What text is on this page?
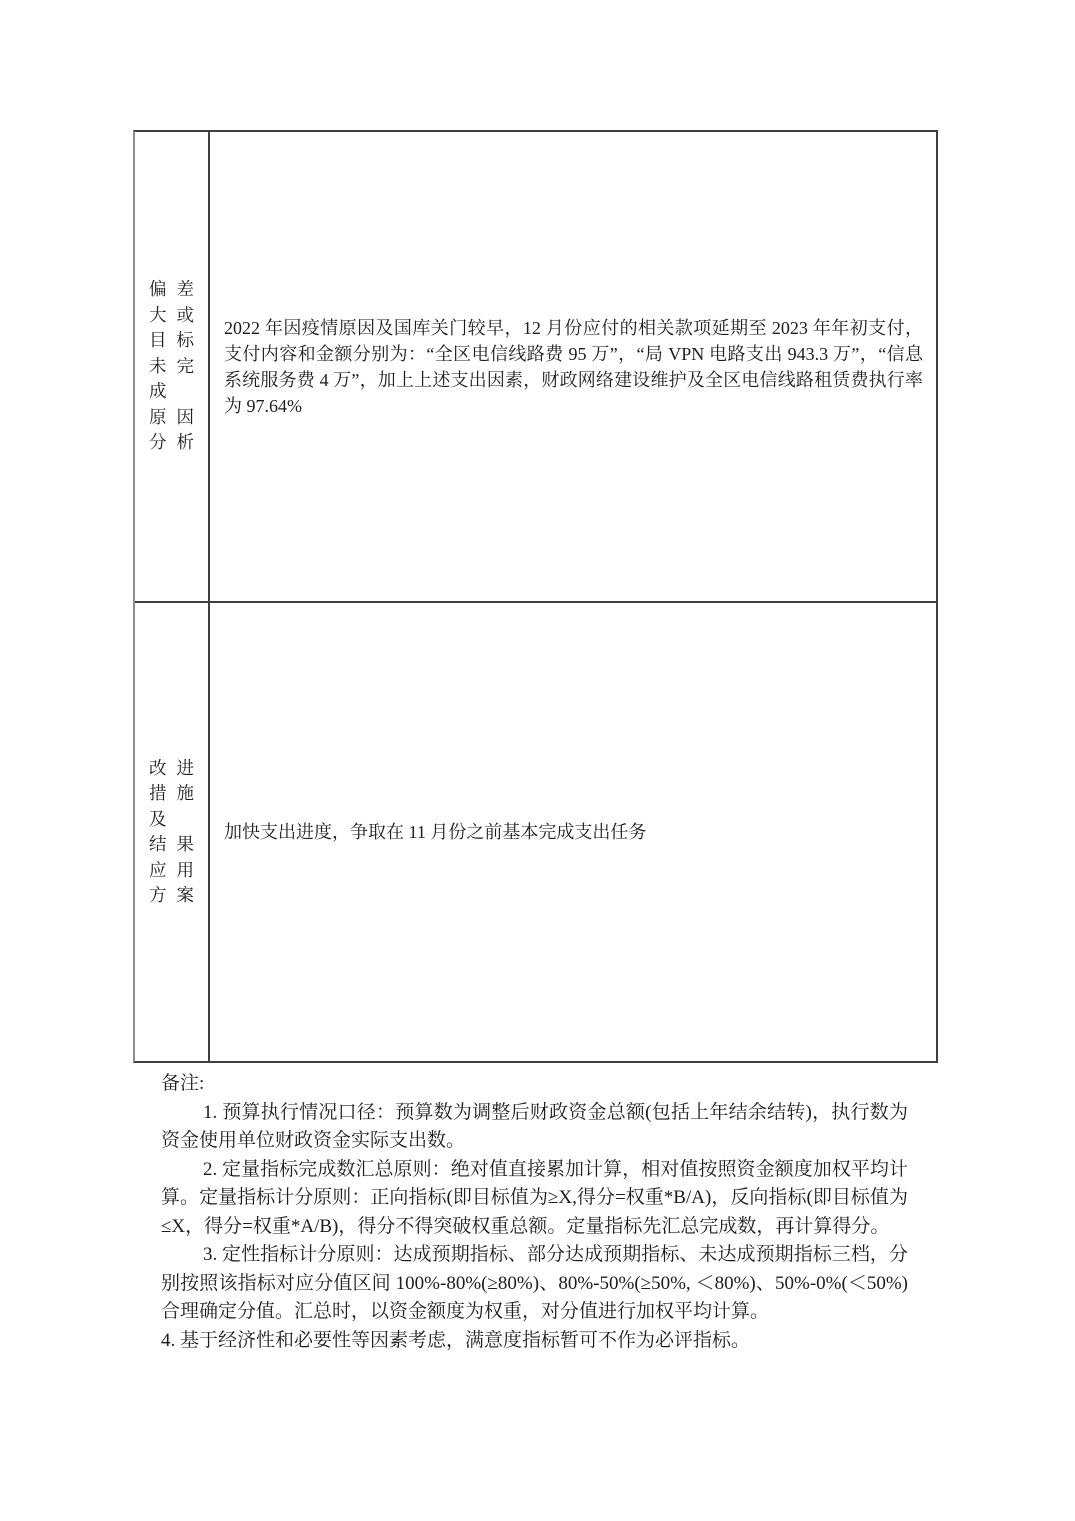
偏差
大或
目标
未完
成
原因
分析

2022 年因疫情原因及国库关门较早，12 月份应付的相关款项延期至 2023 年年初支付，支付内容和金额分别为：“全区电信线路费 95 万”，“局 VPN 电路支出 943.3 万”，“信息系统服务费 4 万”，加上上述支出因素，财政网络建设维护及全区电信线路租赁费执行率为 97.64%

改进
措施
及
结果
应用
方案

加快支出进度，争取在 11 月份之前基本完成支出任务

备注:

1. 预算执行情况口径：预算数为调整后财政资金总额(包括上年结余结转)，执行数为资金使用单位财政资金实际支出数。

2. 定量指标完成数汇总原则：绝对值直接累加计算，相对值按照资金额度加权平均计算。定量指标计分原则：正向指标(即目标值为≥X,得分=权重*B/A)，反向指标(即目标值为≤X，得分=权重*A/B)，得分不得突破权重总额。定量指标先汇总完成数，再计算得分。

3. 定性指标计分原则：达成预期指标、部分达成预期指标、未达成预期指标三档，分别按照该指标对应分值区间 100%-80%(≥80%)、80%-50%(≥50%, ＜80%)、50%-0%(＜50%)合理确定分值。汇总时，以资金额度为权重，对分值进行加权平均计算。

4. 基于经济性和必要性等因素考虑，满意度指标暂可不作为必评指标。
